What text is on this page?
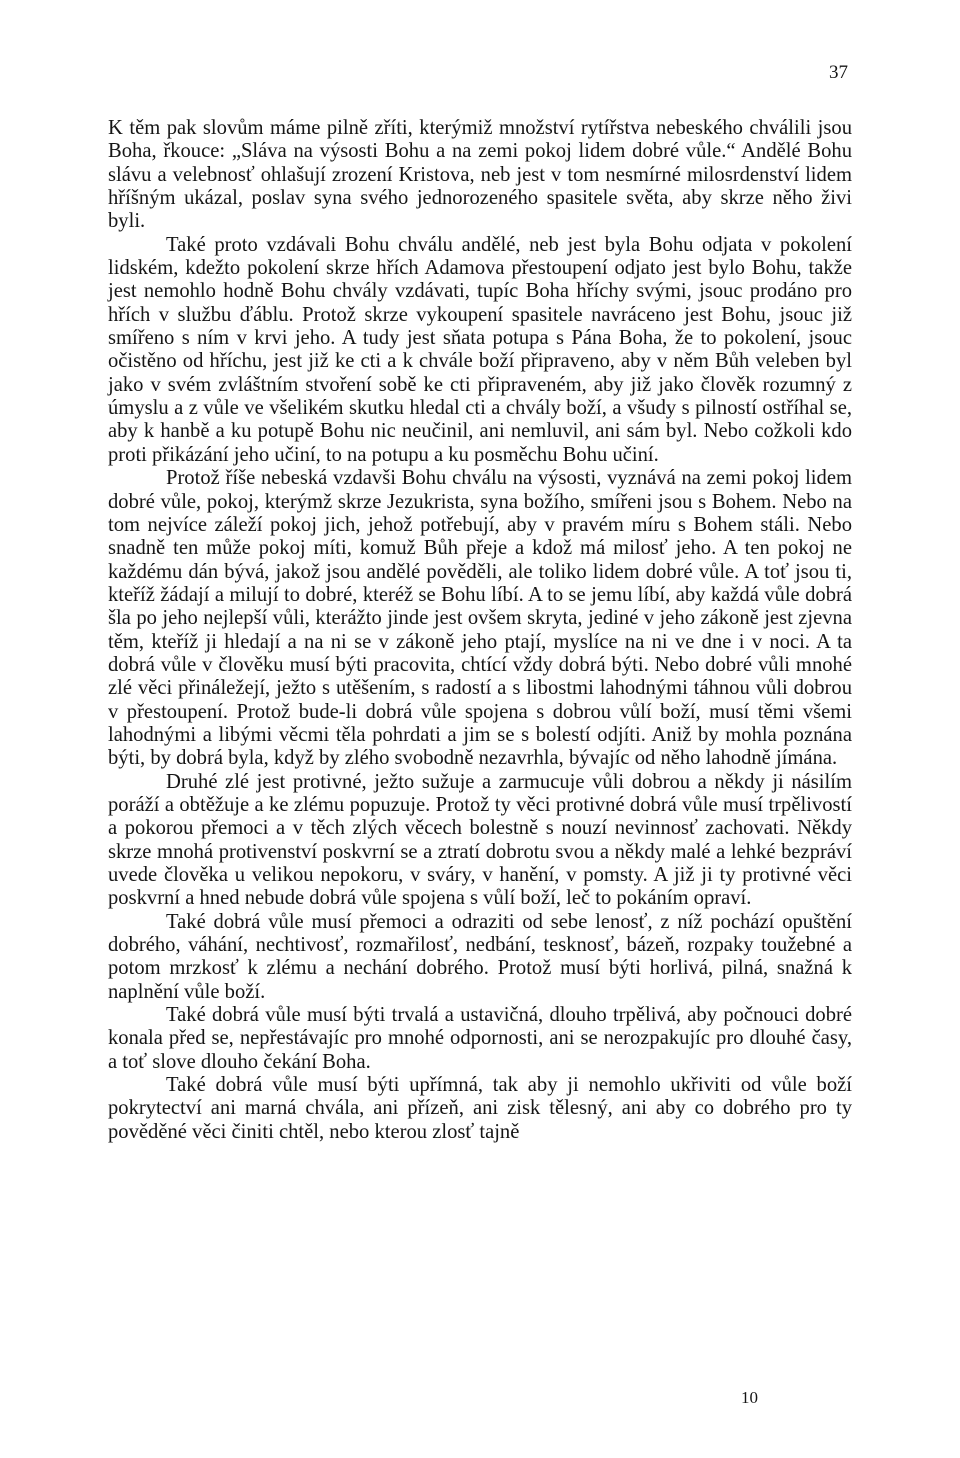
37

K těm pak slovům máme pilně zříti, kterýmiž množství rytířstva nebeského chválili jsou Boha, řkouce: „Sláva na výsosti Bohu a na zemi pokoj lidem dobré vůle.“ Andělé Bohu slávu a velebnosť ohlašují zrození Kristova, neb jest v tom nesmírné milosrdenství lidem hříšným ukázal, poslav syna svého jednorozeného spasitele světa, aby skrze něho živi byli.

Také proto vzdávali Bohu chválu andělé, neb jest byla Bohu odjata v pokolení lidském, kdežto pokolení skrze hřích Adamova přestoupení odjato jest bylo Bohu, takže jest nemohlo hodně Bohu chvály vzdávati, tupíc Boha hříchy svými, jsouc prodáno pro hřích v službu ďáblu. Protož skrze vykoupení spasitele navráceno jest Bohu, jsouc již smířeno s ním v krvi jeho. A tudy jest sňata potupa s Pána Boha, že to pokolení, jsouc očistěno od hříchu, jest již ke cti a k chvále boží připraveno, aby v něm Bůh veleben byl jako v svém zvláštním stvoření sobě ke cti připraveném, aby již jako člověk rozumný z úmyslu a z vůle ve všelikém skutku hledal cti a chvály boží, a všudy s pilností ostříhal se, aby k hanbě a ku potupě Bohu nic neučinil, ani nemluvil, ani sám byl. Nebo cožkoli kdo proti přikázání jeho učiní, to na potupu a ku posměchu Bohu učiní.

Protož říše nebeská vzdavši Bohu chválu na výsosti, vyznává na zemi pokoj lidem dobré vůle, pokoj, kterýmž skrze Jezukrista, syna božího, smířeni jsou s Bohem. Nebo na tom nejvíce záleží pokoj jich, jehož potřebují, aby v pravém míru s Bohem stáli. Nebo snadně ten může pokoj míti, komuž Bůh přeje a kdož má milosť jeho. A ten pokoj ne každému dán bývá, jakož jsou andělé pověděli, ale toliko lidem dobré vůle. A toť jsou ti, kteříž žádají a milují to dobré, kteréž se Bohu líbí. A to se jemu líbí, aby každá vůle dobrá šla po jeho nejlepší vůli, kterážto jinde jest ovšem skryta, jediné v jeho zákoně jest zjevna těm, kteříž ji hledají a na ni se v zákoně jeho ptají, myslíce na ni ve dne i v noci. A ta dobrá vůle v člověku musí býti pracovita, chtící vždy dobrá býti. Nebo dobré vůli mnohé zlé věci přináležejí, ježto s utěšením, s radostí a s libostmi lahodnými táhnou vůli dobrou v přestoupení. Protož bude-li dobrá vůle spojena s dobrou vůlí boží, musí těmi všemi lahodnými a libými věcmi těla pohrdati a jim se s bolestí odjíti. Aniž by mohla poznána býti, by dobrá byla, když by zlého svobodně nezavrhla, bývajíc od něho lahodně jímána.

Druhé zlé jest protivné, ježto sužuje a zarmucuje vůli dobrou a někdy ji násilím poráží a obtěžuje a ke zlému popuzuje. Protož ty věci protivné dobrá vůle musí trpělivostí a pokorou přemoci a v těch zlých věcech bolestně s nouzí nevinnosť zachovati. Někdy skrze mnohá protivenství poskvrní se a ztratí dobrotu svou a někdy malé a lehké bezpráví uvede člověka u velikou nepokoru, v sváry, v hanění, v pomsty. A již ji ty protivné věci poskvrní a hned nebude dobrá vůle spojena s vůlí boží, leč to pokáním opraví.

Také dobrá vůle musí přemoci a odraziti od sebe lenosť, z níž pochází opuštění dobrého, váhání, nechtivosť, rozmařilosť, nedbání, tesknosť, bázeň, rozpaky toužebné a potom mrzkosť k zlému a nechání dobrého. Protož musí býti horlivá, pilná, snažná k naplnění vůle boží.

Také dobrá vůle musí býti trvalá a ustavičná, dlouho trpělivá, aby počnouci dobré konala před se, nepřestávajíc pro mnohé odpornosti, ani se nerozpakujíc pro dlouhé časy, a toť slove dlouho čekání Boha.

Také dobrá vůle musí býti upřímná, tak aby ji nemohlo ukřiviti od vůle boží pokrytectví ani marná chvála, ani přízeň, ani zisk tělesný, ani aby co dobrého pro ty pověděné věci činiti chtěl, nebo kterou zlosť tajně

10
